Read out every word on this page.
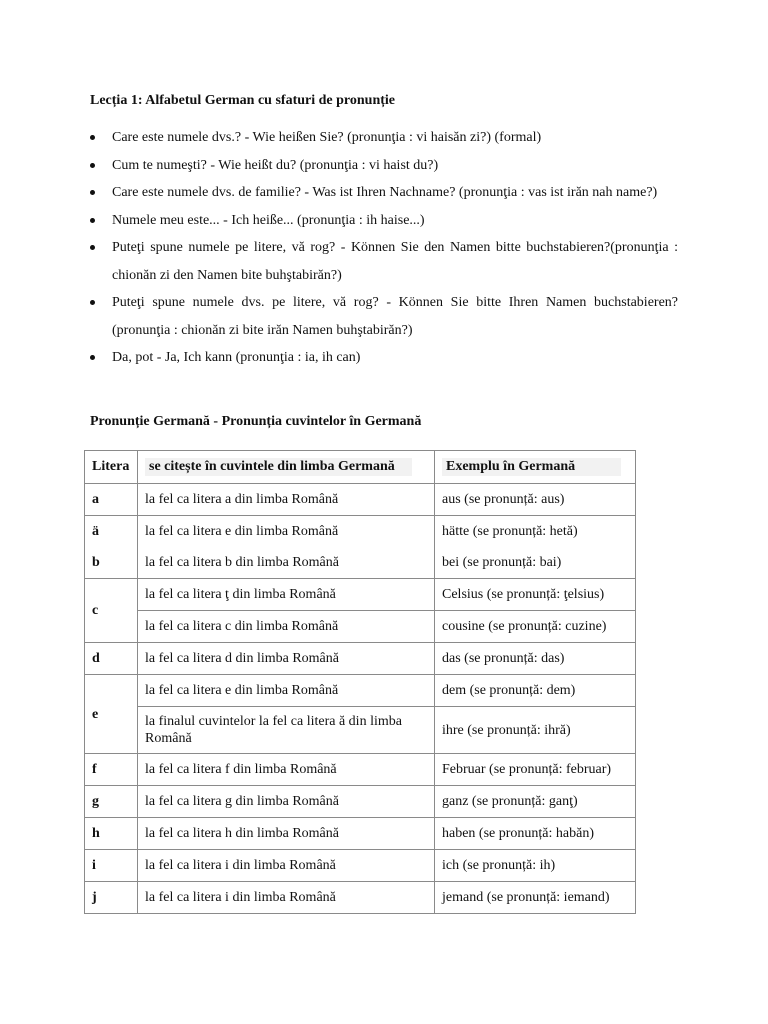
Lecția 1: Alfabetul German cu sfaturi de pronunție
Care este numele dvs.? - Wie heißen Sie? (pronunţia : vi haisăn zi?) (formal)
Cum te numeşti? - Wie heißt du? (pronunţia : vi haist du?)
Care este numele dvs. de familie? - Was ist Ihren Nachname? (pronunţia : vas ist irăn nah name?)
Numele meu este... - Ich heiße... (pronunţia : ih haise...)
Puteţi spune numele pe litere, vă rog? - Können Sie den Namen bitte buchstabieren?(pronunţia : chionăn zi den Namen bite buhştabirăn?)
Puteţi spune numele dvs. pe litere, vă rog? - Können Sie bitte Ihren Namen buchstabieren?(pronunţia : chionăn zi bite irăn Namen buhştabirăn?)
Da, pot - Ja, Ich kann (pronunţia : ia, ih can)
Pronunție Germană - Pronunția cuvintelor în Germană
Litera	se citește în cuvintele din limba Germană	Exemplu în Germană
a	la fel ca litera a din limba Română	aus (se pronunță: aus)
ä	la fel ca litera e din limba Română	hätte (se pronunță: hetă)
b	la fel ca litera b din limba Română	bei (se pronunță: bai)
c	la fel ca litera ţ din limba Română	Celsius (se pronunță: ţelsius)
	la fel ca litera c din limba Română	cousine (se pronunță: cuzine)
d	la fel ca litera d din limba Română	das (se pronunță: das)
e	la fel ca litera e din limba Română	dem (se pronunță: dem)
	la finalul cuvintelor la fel ca litera ă din limba Română	ihre (se pronunță: ihră)
f	la fel ca litera f din limba Română	Februar (se pronunță: februar)
g	la fel ca litera g din limba Română	ganz (se pronunță: ganţ)
h	la fel ca litera h din limba Română	haben (se pronunță: habăn)
i	la fel ca litera i din limba Română	ich (se pronunță: ih)
j	la fel ca litera i din limba Română	jemand (se pronunță: iemand)
